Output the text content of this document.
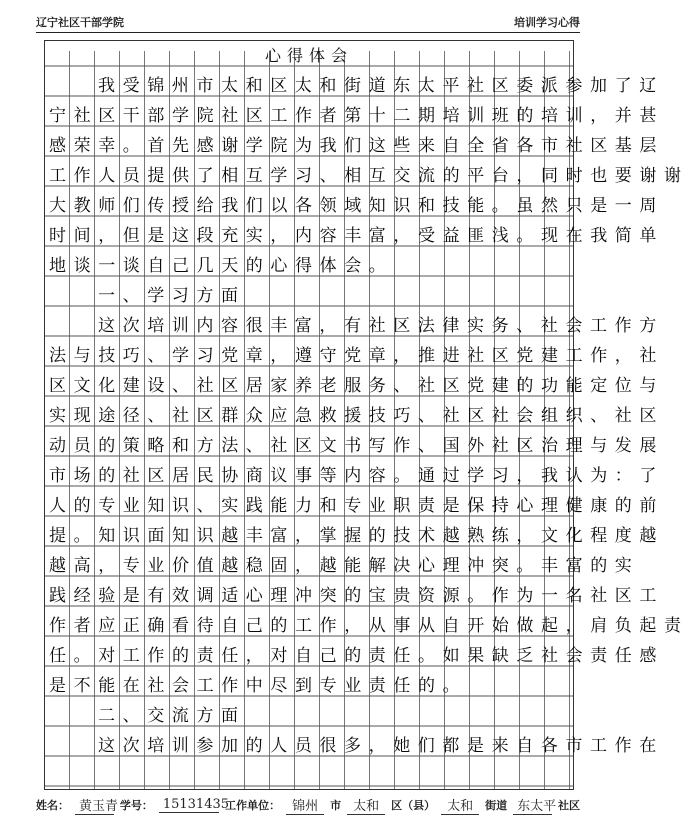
辽宁社区干部学院	培训学习心得
心得体会
我受锦州市太和区太和街道东太平社区委派参加了辽
宁社区干部学院社区工作者第十二期培训班的培训，并甚
感荣幸。首先感谢学院为我们这些来自全省各市社区基层
工作人员提供了相互学习、相互交流的平台，同时也要谢谢
大教师们传授给我们以各领域知识和技能。虽然只是一周
时间，但是这段充实，内容丰富，受益匪浅。现在我简单
地谈一谈自己几天的心得体会。
一、学习方面
这次培训内容很丰富，有社区法律实务、社会工作方
法与技巧、学习党章，遵守党章，推进社区党建工作，社
区文化建设、社区居家养老服务、社区党建的功能定位与
实现途径、社区群众应急救援技巧、社区社会组织、社区
动员的策略和方法、社区文书写作、国外社区治理与发展
市场的社区居民协商议事等内容。通过学习，我认为：了
人的专业知识、实践能力和专业职责是保持心理健康的前
提。知识面知识越丰富，掌握的技术越熟练，文化程度越
越高，专业价值越稳固，越能解决心理冲突。丰富的实
践经验是有效调适心理冲突的宝贵资源。作为一名社区工
作者应正确看待自己的工作，从事从自开始做起，肩负起责
任。对工作的责任，对自己的责任。如果缺乏社会责任感
是不能在社会工作中尽到专业责任的。
二、交流方面
这次培训参加的人员很多，她们都是来自各市工作在
姓名： 黄玉青 学号： 15131435
工作单位： 锦州	市 太和	区（县） 太和	街道 东太平 社区
